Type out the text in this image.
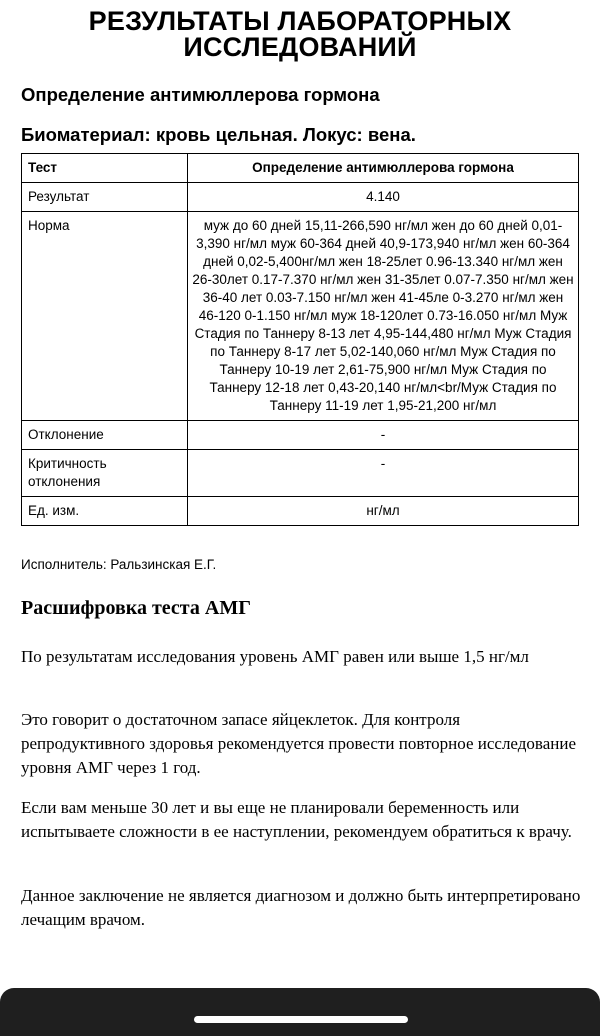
РЕЗУЛЬТАТЫ ЛАБОРАТОРНЫХ
ИССЛЕДОВАНИЙ
Определение антимюллерова гормона
Биоматериал: кровь цельная. Локус: вена.
Тест	Определение антимюллерова гормона
Результат	4.140
Норма	муж до 60 дней 15,11-266,590 нг/мл жен до 60 дней 0,01-3,390 нг/мл муж 60-364 дней 40,9-173,940 нг/мл жен 60-364 дней 0,02-5,400нг/мл жен 18-25лет 0.96-13.340 нг/мл жен 26-30лет 0.17-7.370 нг/мл жен 31-35лет 0.07-7.350 нг/мл жен 36-40 лет 0.03-7.150 нг/мл жен 41-45ле 0-3.270 нг/мл жен 46-120 0-1.150 нг/мл муж 18-120лет 0.73-16.050 нг/мл Муж Стадия по Таннеру 8-13 лет 4,95-144,480 нг/мл Муж Стадия по Таннеру 8-17 лет 5,02-140,060 нг/мл Муж Стадия по Таннеру 10-19 лет 2,61-75,900 нг/мл Муж Стадия по Таннеру 12-18 лет 0,43-20,140 нг/мл<br/Муж Стадия по Таннеру 11-19 лет 1,95-21,200 нг/мл
Отклонение	-
Критичность отклонения	-
Ед. изм.	нг/мл
Исполнитель: Ральзинская Е.Г.
Расшифровка теста АМГ
По результатам исследования уровень АМГ равен или выше 1,5 нг/мл
Это говорит о достаточном запасе яйцеклеток. Для контроля репродуктивного здоровья рекомендуется провести повторное исследование уровня АМГ через 1 год.
Если вам меньше 30 лет и вы еще не планировали беременность или испытываете сложности в ее наступлении, рекомендуем обратиться к врачу.
Данное заключение не является диагнозом и должно быть интерпретировано лечащим врачом.
